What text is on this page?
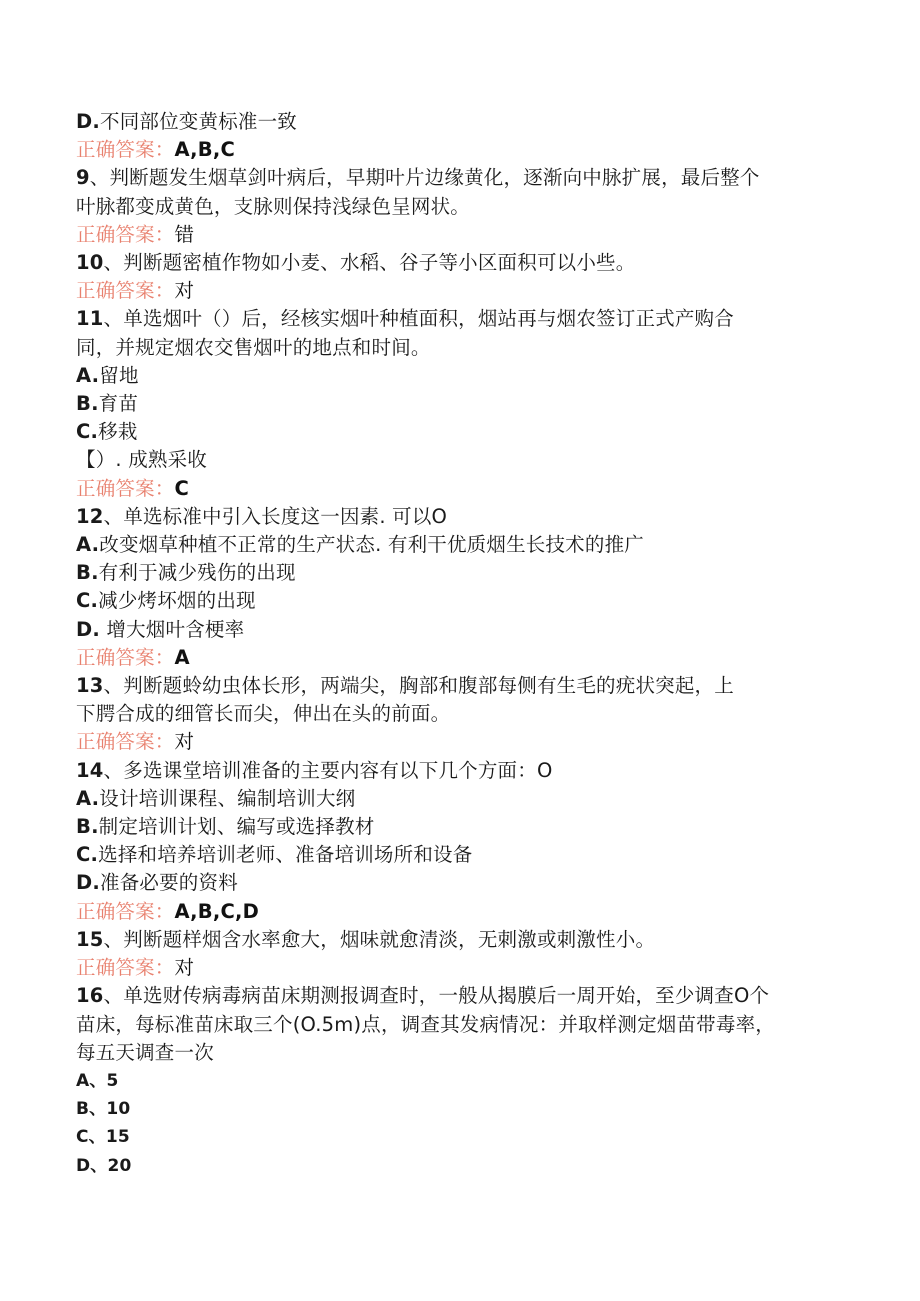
D.不同部位变黄标准一致
正确答案：A,B,C
9、判断题发生烟草剑叶病后，早期叶片边缘黄化，逐渐向中脉扩展，最后整个
叶脉都变成黄色，支脉则保持浅绿色呈网状。
正确答案：错
10、判断题密植作物如小麦、水稻、谷子等小区面积可以小些。
正确答案：对
11、单选烟叶（）后，经核实烟叶种植面积，烟站再与烟农签订正式产购合
同，并规定烟农交售烟叶的地点和时间。
A.留地
B.育苗
C.移栽
【）. 成熟采收
正确答案：C
12、单选标准中引入长度这一因素. 可以O
A.改变烟草种植不正常的生产状态. 有利干优质烟生长技术的推广
B.有利于减少残伤的出现
C.减少烤坏烟的出现
D. 增大烟叶含梗率
正确答案：A
13、判断题蛉幼虫体长形，两端尖，胸部和腹部每侧有生毛的疣状突起，上
下腭合成的细管长而尖，伸出在头的前面。
正确答案：对
14、多选课堂培训准备的主要内容有以下几个方面：O
A.设计培训课程、编制培训大纲
B.制定培训计划、编写或选择教材
C.选择和培养培训老师、准备培训场所和设备
D.准备必要的资料
正确答案：A,B,C,D
15、判断题样烟含水率愈大，烟味就愈清淡，无刺激或刺激性小。
正确答案：对
16、单选财传病毒病苗床期测报调查时，一般从揭膜后一周开始，至少调查O个
苗床，每标准苗床取三个(O.5m)点，调查其发病情况：并取样测定烟苗带毒率，
每五天调查一次
A、5
B、10
C、15
D、20
